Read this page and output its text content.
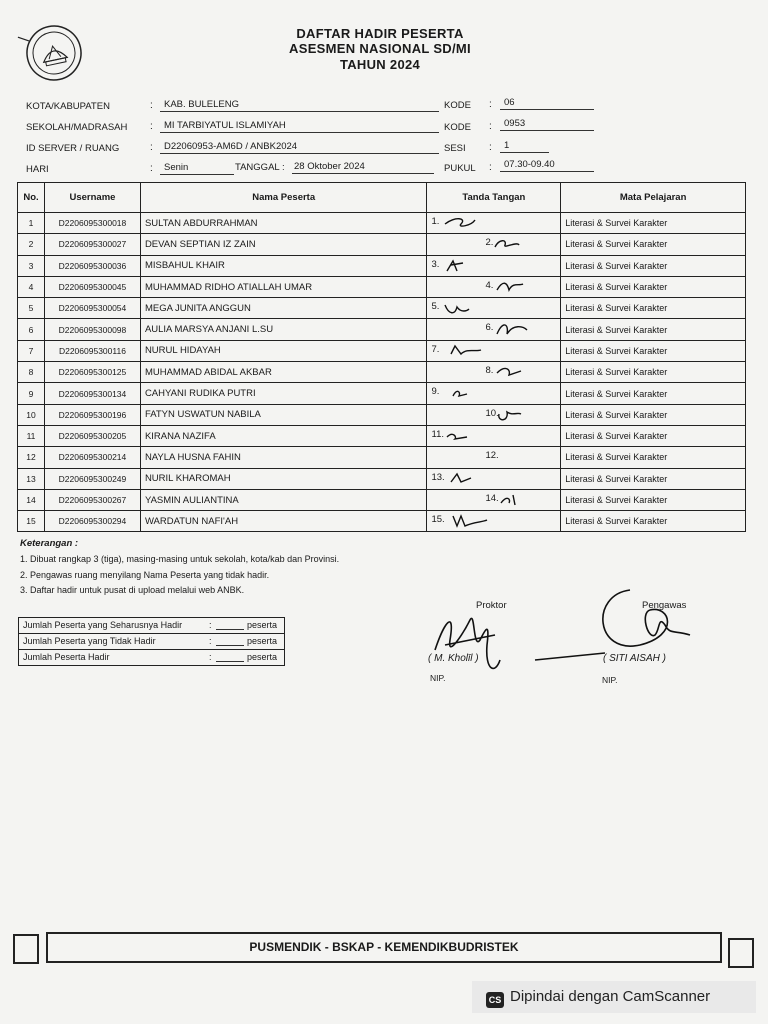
DAFTAR HADIR PESERTA
ASESMEN NASIONAL SD/MI
TAHUN 2024
KOTA/KABUPATEN	:	KAB. BULELENG
SEKOLAH/MADRASAH :	MI TARBIYATUL ISLAMIYAH
ID SERVER / RUANG	:	D22060953-AM6D / ANBK2024
HARI	:	Senin	TANGGAL : 28 Oktober 2024
KODE :	06
KODE :	0953
SESI :	1
PUKUL :	07.30-09.40
No.	Username	Nama Peserta	Tanda Tangan	Mata Pelajaran
1	D2206095300018	SULTAN ABDURRAHMAN	1.	Literasi & Survei Karakter
2	D2206095300027	DEVAN SEPTIAN IZ ZAIN	2.	Literasi & Survei Karakter
3	D2206095300036	MISBAHUL KHAIR	3.	Literasi & Survei Karakter
4	D2206095300045	MUHAMMAD RIDHO ATIALLAH UMAR	4.	Literasi & Survei Karakter
5	D2206095300054	MEGA JUNITA ANGGUN	5.	Literasi & Survei Karakter
6	D2206095300098	AULIA MARSYA ANJANI L.SU	6.	Literasi & Survei Karakter
7	D2206095300116	NURUL HIDAYAH	7.	Literasi & Survei Karakter
8	D2206095300125	MUHAMMAD ABIDAL AKBAR	8.	Literasi & Survei Karakter
9	D2206095300134	CAHYANI RUDIKA PUTRI	9.	Literasi & Survei Karakter
10	D2206095300196	FATYN USWATUN NABILA	10.	Literasi & Survei Karakter
11	D2206095300205	KIRANA NAZIFA	11.	Literasi & Survei Karakter
12	D2206095300214	NAYLA HUSNA FAHIN	12.	Literasi & Survei Karakter
13	D2206095300249	NURIL KHAROMAH	13.	Literasi & Survei Karakter
14	D2206095300267	YASMIN AULIANTINA	14.	Literasi & Survei Karakter
15	D2206095300294	WARDATUN NAFI'AH	15.	Literasi & Survei Karakter
Keterangan :
1. Dibuat rangkap 3 (tiga), masing-masing untuk sekolah, kota/kab dan Provinsi.
2. Pengawas ruang menyilang Nama Peserta yang tidak hadir.
3. Daftar hadir untuk pusat di upload melalui web ANBK.
Jumlah Peserta yang Seharusnya Hadir	:	peserta
Jumlah Peserta yang Tidak Hadir	:	peserta
Jumlah Peserta Hadir	:	peserta
Proktor
( M. Kholīl )
NIP.
Pengawas
( SITI AISAH )
NIP.
PUSMENDIK - BSKAP - KEMENDIKBUDRISTEK
CS Dipindai dengan CamScanner
